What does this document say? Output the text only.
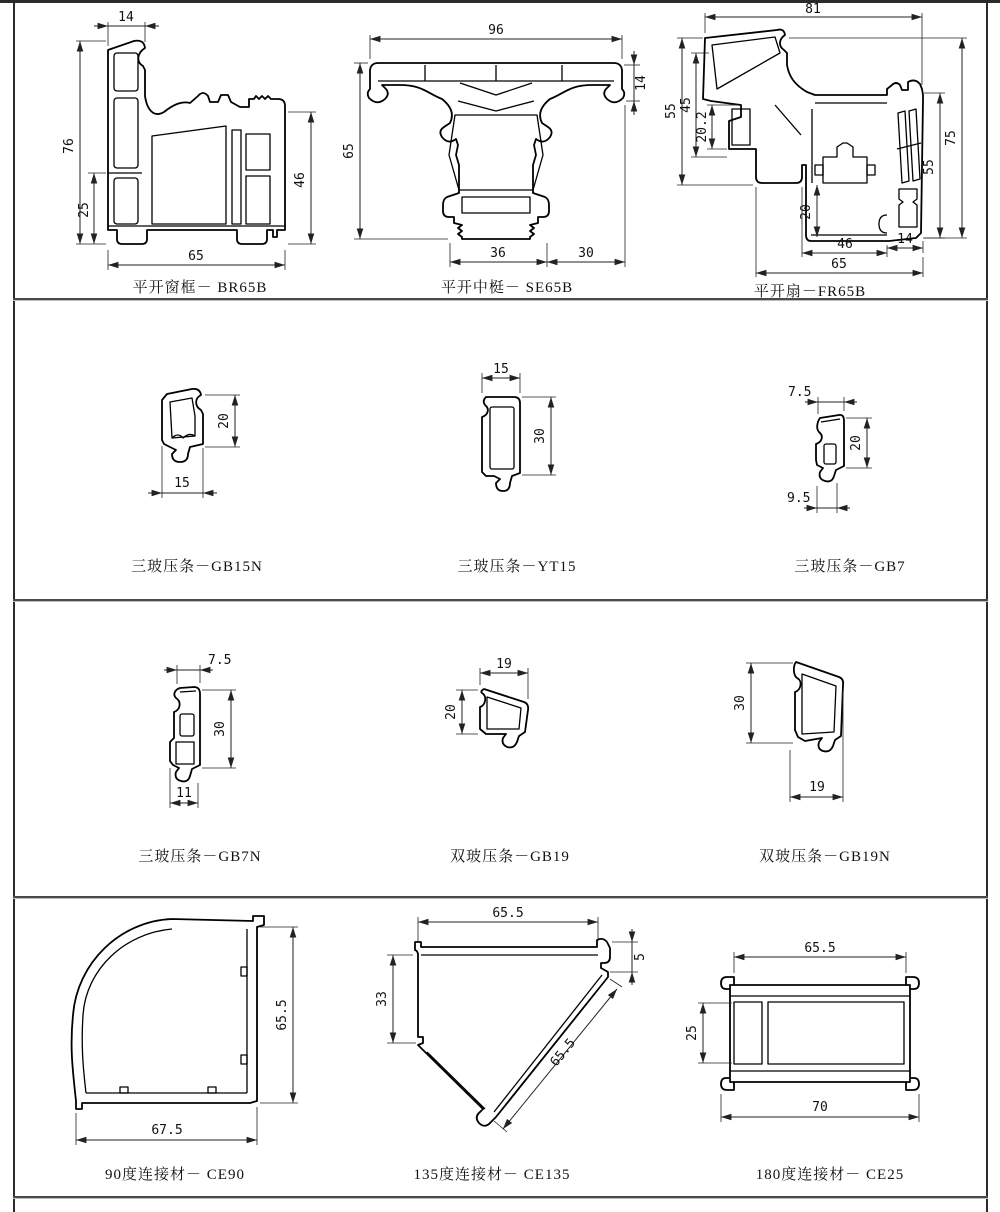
14
76
25
65
46
平开窗框－ BR65B
96
65
14
36	30
平开中梃－ SE65B
81
55 45
20.2
20
46	14
65
55
75
平开扇－FR65B
20
15
三玻压条－GB15N
15
30
三玻压条－YT15
7.5
20
9.5
三玻压条－GB7
7.5
30
11
三玻压条－GB7N
19
20
双玻压条－GB19
30
19
双玻压条－GB19N
65.5
67.5
90度连接材－ CE90
65.5
33
5
65.5
135度连接材－ CE135
65.5
25
70
180度连接材－ CE25
